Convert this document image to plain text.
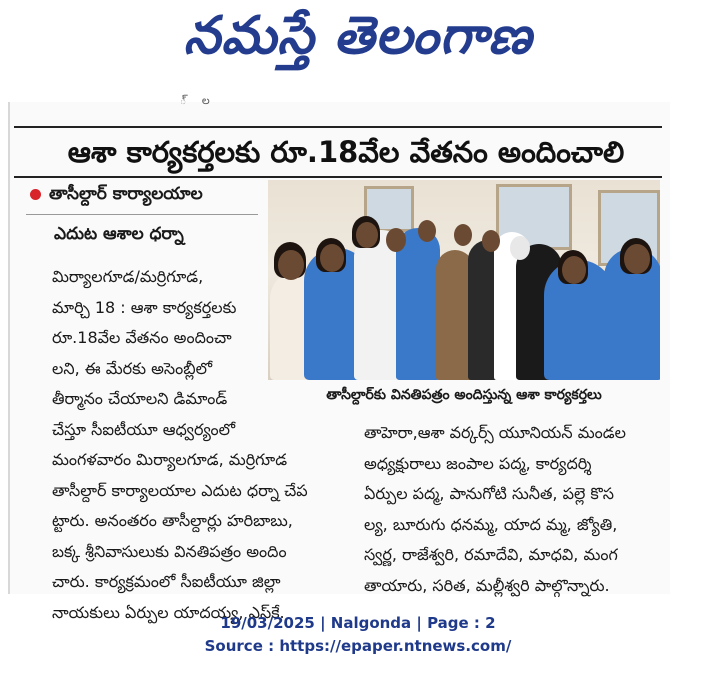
నమస్తే తెలంగాణ
్ ల
ఆశా కార్యకర్తలకు రూ.18వేల వేతనం అందించాలి
తాసీల్దార్ కార్యాలయాల
ఎదుట ఆశాల ధర్నా
మిర్యాలగూడ/మర్రిగూడ,
మార్చి 18 : ఆశా కార్యకర్తలకు
రూ.18వేల వేతనం అందించా
లని, ఈ మేరకు అసెంబ్లీలో
తీర్మానం చేయాలని డిమాండ్
చేస్తూ సీఐటీయూ ఆధ్వర్యంలో
మంగళవారం మిర్యాలగూడ, మర్రిగూడ
తాసీల్దార్ కార్యాలయాల ఎదుట ధర్నా చేప
ట్టారు. అనంతరం తాసీల్దార్లు హరిబాబు,
బక్క శ్రీనివాసులుకు వినతిపత్రం అందిం
చారు. కార్యక్రమంలో సీఐటీయూ జిల్లా
నాయకులు ఏర్పుల యాదయ్య, ఎస్‌కే.
తాసీల్దార్‌కు వినతిపత్రం అందిస్తున్న ఆశా కార్యకర్తలు
తాహెరా,ఆశా వర్కర్స్ యూనియన్ మండల
అధ్యక్షురాలు జంపాల పద్మ, కార్యదర్శి
ఏర్పుల పద్మ, పానుగోటి సునీత, పల్లె కొస
ల్య, బూరుగు ధనమ్మ, యాద మ్మ, జ్యోతి,
స్వర్ణ, రాజేశ్వరి, రమాదేవి, మాధవి, మంగ
తాయారు, సరిత, మల్లీశ్వరి పాల్గొన్నారు.
19/03/2025 | Nalgonda | Page : 2
Source : https://epaper.ntnews.com/
